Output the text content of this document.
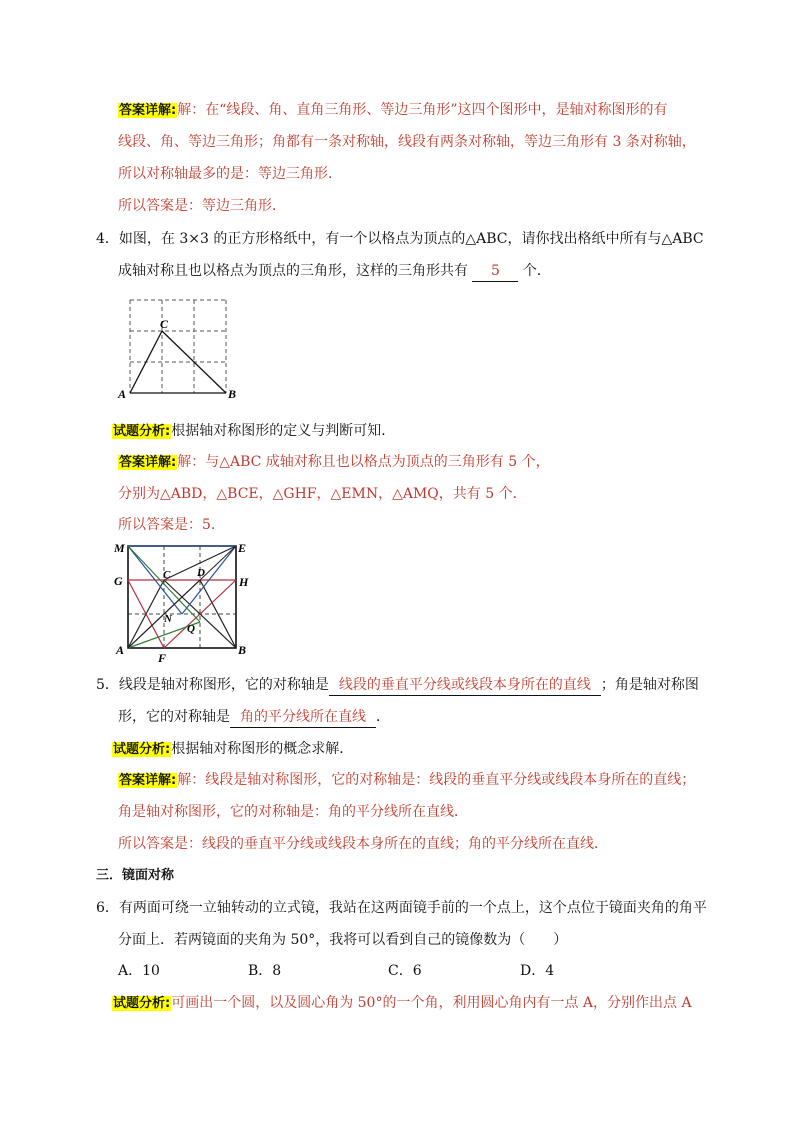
答案详解:解：在“线段、角、直角三角形、等边三角形”这四个图形中，是轴对称图形的有
线段、角、等边三角形；角都有一条对称轴，线段有两条对称轴，等边三角形有 3 条对称轴，
所以对称轴最多的是：等边三角形．
所以答案是：等边三角形．
4．如图，在 3×3 的正方形格纸中，有一个以格点为顶点的△ABC，请你找出格纸中所有与△ABC
成轴对称且也以格点为顶点的三角形，这样的三角形共有 5 个．
C
A	B
试题分析:根据轴对称图形的定义与判断可知．
答案详解:解：与△ABC 成轴对称且也以格点为顶点的三角形有 5 个，
分别为△ABD，△BCE，△GHF，△EMN，△AMQ，共有 5 个．
所以答案是：5．
M	E
G	H
C D
N
Q
A	B
F
5．线段是轴对称图形，它的对称轴是 线段的垂直平分线或线段本身所在的直线 ；角是轴对称图
形，它的对称轴是 角的平分线所在直线 ．
试题分析:根据轴对称图形的概念求解．
答案详解:解：线段是轴对称图形，它的对称轴是：线段的垂直平分线或线段本身所在的直线；
角是轴对称图形，它的对称轴是：角的平分线所在直线．
所以答案是：线段的垂直平分线或线段本身所在的直线；角的平分线所在直线．
三．镜面对称
6．有两面可绕一立轴转动的立式镜，我站在这两面镜手前的一个点上，这个点位于镜面夹角的角平
分面上．若两镜面的夹角为 50°，我将可以看到自己的镜像数为（　　）
A．10	B．8	C．6	D．4
试题分析:可画出一个圆，以及圆心角为 50°的一个角，利用圆心角内有一点 A，分别作出点 A
